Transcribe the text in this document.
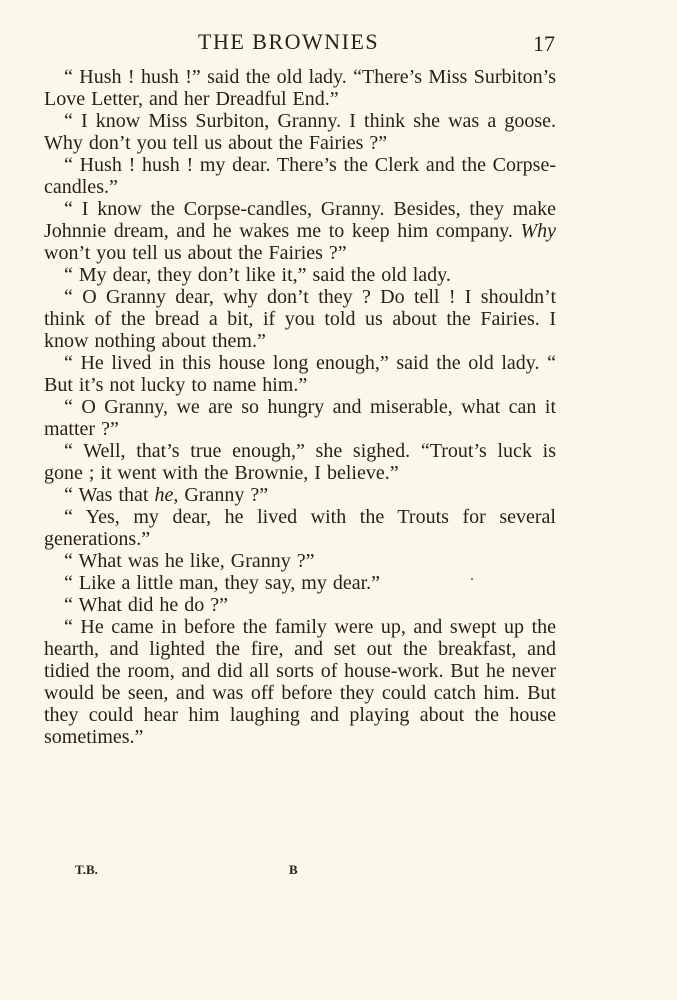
THE BROWNIES	17

“ Hush ! hush !” said the old lady. “There’s Miss Surbiton’s Love Letter, and her Dreadful End.”

“ I know Miss Surbiton, Granny. I think she was a goose. Why don’t you tell us about the Fairies ?”

“ Hush ! hush ! my dear. There’s the Clerk and the Corpse-candles.”

“ I know the Corpse-candles, Granny. Besides, they make Johnnie dream, and he wakes me to keep him company. Why won’t you tell us about the Fairies ?”

“ My dear, they don’t like it,” said the old lady.

“ O Granny dear, why don’t they ? Do tell ! I shouldn’t think of the bread a bit, if you told us about the Fairies. I know nothing about them.”

“ He lived in this house long enough,” said the old lady. “ But it’s not lucky to name him.”

“ O Granny, we are so hungry and miserable, what can it matter ?”

“ Well, that’s true enough,” she sighed. “Trout’s luck is gone ; it went with the Brownie, I believe.”

“ Was that he, Granny ?”

“ Yes, my dear, he lived with the Trouts for several generations.”

“ What was he like, Granny ?”

“ Like a little man, they say, my dear.”

“ What did he do ?”

“ He came in before the family were up, and swept up the hearth, and lighted the fire, and set out the breakfast, and tidied the room, and did all sorts of house-work. But he never would be seen, and was off before they could catch him. But they could hear him laughing and playing about the house sometimes.”

T.B.	B
